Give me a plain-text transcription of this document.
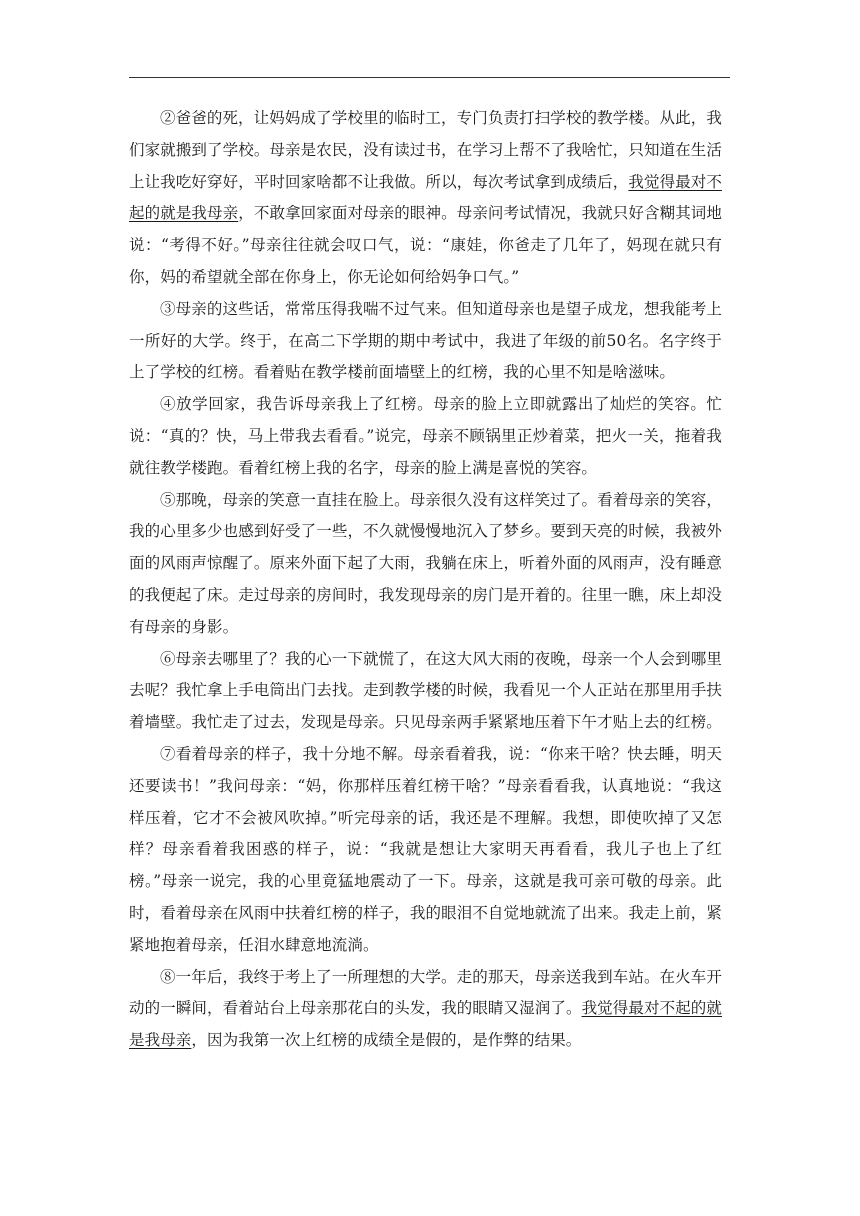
②爸爸的死，让妈妈成了学校里的临时工，专门负责打扫学校的教学楼。从此，我们家就搬到了学校。母亲是农民，没有读过书，在学习上帮不了我啥忙，只知道在生活上让我吃好穿好，平时回家啥都不让我做。所以，每次考试拿到成绩后，我觉得最对不起的就是我母亲，不敢拿回家面对母亲的眼神。母亲问考试情况，我就只好含糊其词地说：“考得不好。”母亲往往就会叹口气，说：“康娃，你爸走了几年了，妈现在就只有你，妈的希望就全部在你身上，你无论如何给妈争口气。”

③母亲的这些话，常常压得我喘不过气来。但知道母亲也是望子成龙，想我能考上一所好的大学。终于，在高二下学期的期中考试中，我进了年级的前50名。名字终于上了学校的红榜。看着贴在教学楼前面墙壁上的红榜，我的心里不知是啥滋味。

④放学回家，我告诉母亲我上了红榜。母亲的脸上立即就露出了灿烂的笑容。忙说：“真的？快，马上带我去看看。”说完，母亲不顾锅里正炒着菜，把火一关，拖着我就往教学楼跑。看着红榜上我的名字，母亲的脸上满是喜悦的笑容。

⑤那晚，母亲的笑意一直挂在脸上。母亲很久没有这样笑过了。看着母亲的笑容，我的心里多少也感到好受了一些，不久就慢慢地沉入了梦乡。要到天亮的时候，我被外面的风雨声惊醒了。原来外面下起了大雨，我躺在床上，听着外面的风雨声，没有睡意的我便起了床。走过母亲的房间时，我发现母亲的房门是开着的。往里一瞧，床上却没有母亲的身影。

⑥母亲去哪里了？我的心一下就慌了，在这大风大雨的夜晚，母亲一个人会到哪里去呢？我忙拿上手电筒出门去找。走到教学楼的时候，我看见一个人正站在那里用手扶着墙壁。我忙走了过去，发现是母亲。只见母亲两手紧紧地压着下午才贴上去的红榜。

⑦看着母亲的样子，我十分地不解。母亲看着我，说：“你来干啥？快去睡，明天还要读书！”我问母亲：“妈，你那样压着红榜干啥？”母亲看看我，认真地说：“我这样压着，它才不会被风吹掉。”听完母亲的话，我还是不理解。我想，即使吹掉了又怎样？母亲看着我困惑的样子，说：“我就是想让大家明天再看看，我儿子也上了红榜。”母亲一说完，我的心里竟猛地震动了一下。母亲，这就是我可亲可敬的母亲。此时，看着母亲在风雨中扶着红榜的样子，我的眼泪不自觉地就流了出来。我走上前，紧紧地抱着母亲，任泪水肆意地流淌。

⑧一年后，我终于考上了一所理想的大学。走的那天，母亲送我到车站。在火车开动的一瞬间，看着站台上母亲那花白的头发，我的眼睛又湿润了。我觉得最对不起的就是我母亲，因为我第一次上红榜的成绩全是假的，是作弊的结果。
